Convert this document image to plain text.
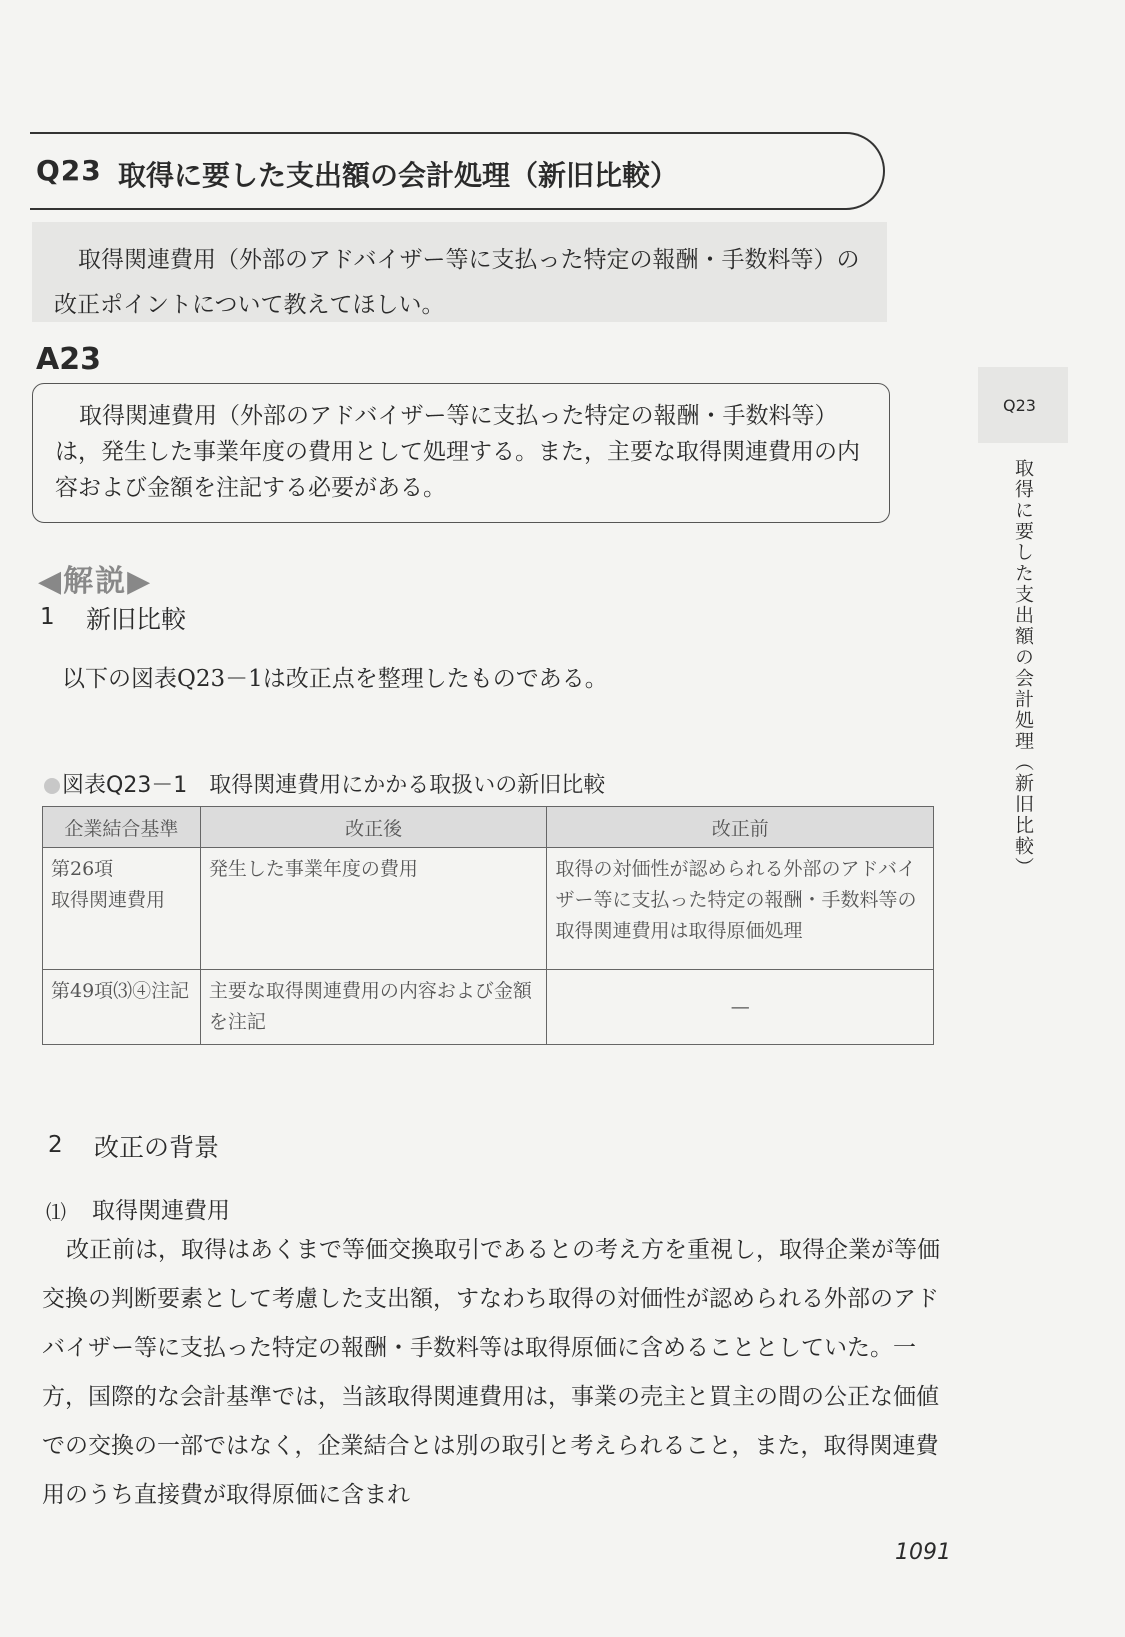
Q23 取得に要した支出額の会計処理（新旧比較）

取得関連費用（外部のアドバイザー等に支払った特定の報酬・手数料等）の改正ポイントについて教えてほしい。

A23

取得関連費用（外部のアドバイザー等に支払った特定の報酬・手数料等）は，発生した事業年度の費用として処理する。また，主要な取得関連費用の内容および金額を注記する必要がある。

◀解説▶
1 新旧比較
以下の図表Q23－1は改正点を整理したものである。
図表Q23－1　取得関連費用にかかる取扱いの新旧比較
企業結合基準	改正後	改正前
第26項
取得関連費用	発生した事業年度の費用	取得の対価性が認められる外部のアドバイザー等に支払った特定の報酬・手数料等の取得関連費用は取得原価処理
第49項⑶④注記	主要な取得関連費用の内容および金額を注記	—
2 改正の背景
⑴ 取得関連費用

改正前は，取得はあくまで等価交換取引であるとの考え方を重視し，取得企業が等価交換の判断要素として考慮した支出額，すなわち取得の対価性が認められる外部のアドバイザー等に支払った特定の報酬・手数料等は取得原価に含めることとしていた。一方，国際的な会計基準では，当該取得関連費用は，事業の売主と買主の間の公正な価値での交換の一部ではなく，企業結合とは別の取引と考えられること，また，取得関連費用のうち直接費が取得原価に含まれ

Q23
取得に要した支出額の会計処理（新旧比較）
1091
